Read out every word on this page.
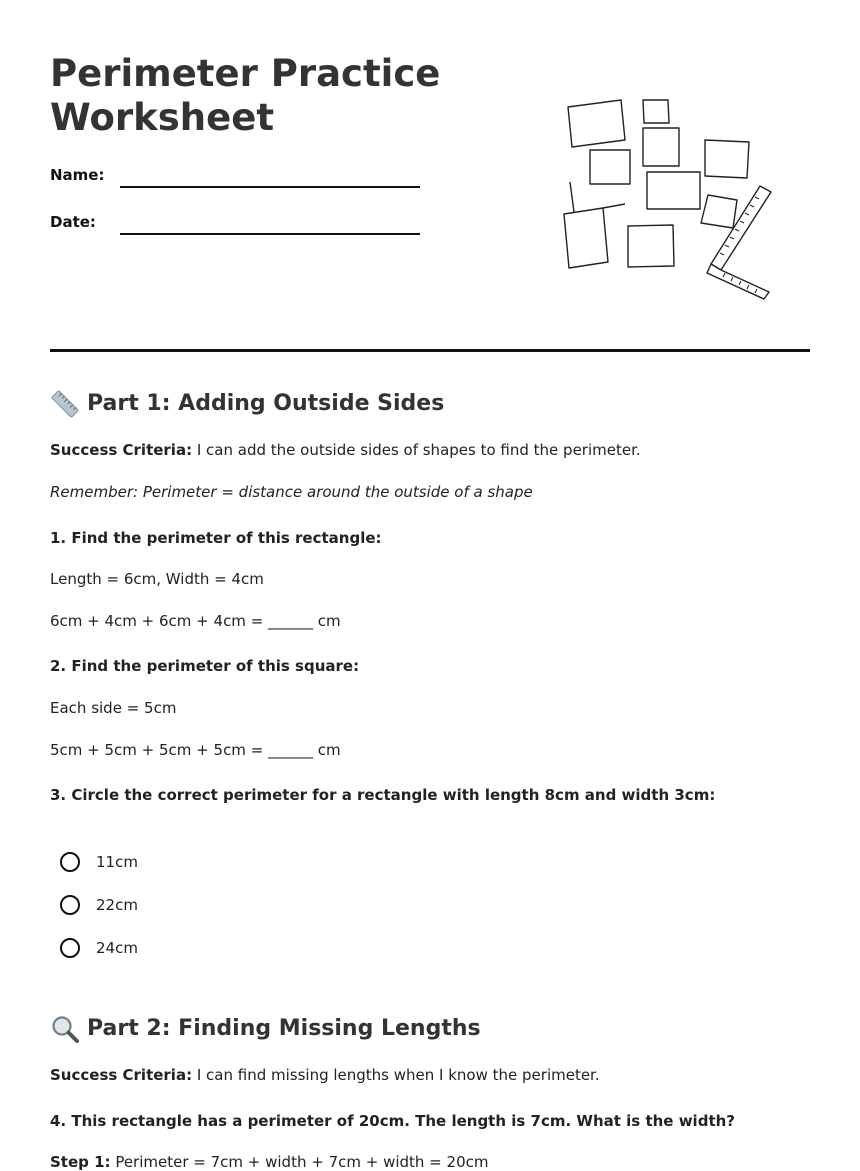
Perimeter Practice
Worksheet
Name:
Date:
Part 1: Adding Outside Sides
Success Criteria: I can add the outside sides of shapes to find the perimeter.
Remember: Perimeter = distance around the outside of a shape
1. Find the perimeter of this rectangle:
Length = 6cm, Width = 4cm
6cm + 4cm + 6cm + 4cm = ______ cm
2. Find the perimeter of this square:
Each side = 5cm
5cm + 5cm + 5cm + 5cm = ______ cm
3. Circle the correct perimeter for a rectangle with length 8cm and width 3cm:
11cm
22cm
24cm
Part 2: Finding Missing Lengths
Success Criteria: I can find missing lengths when I know the perimeter.
4. This rectangle has a perimeter of 20cm. The length is 7cm. What is the width?
Step 1: Perimeter = 7cm + width + 7cm + width = 20cm
